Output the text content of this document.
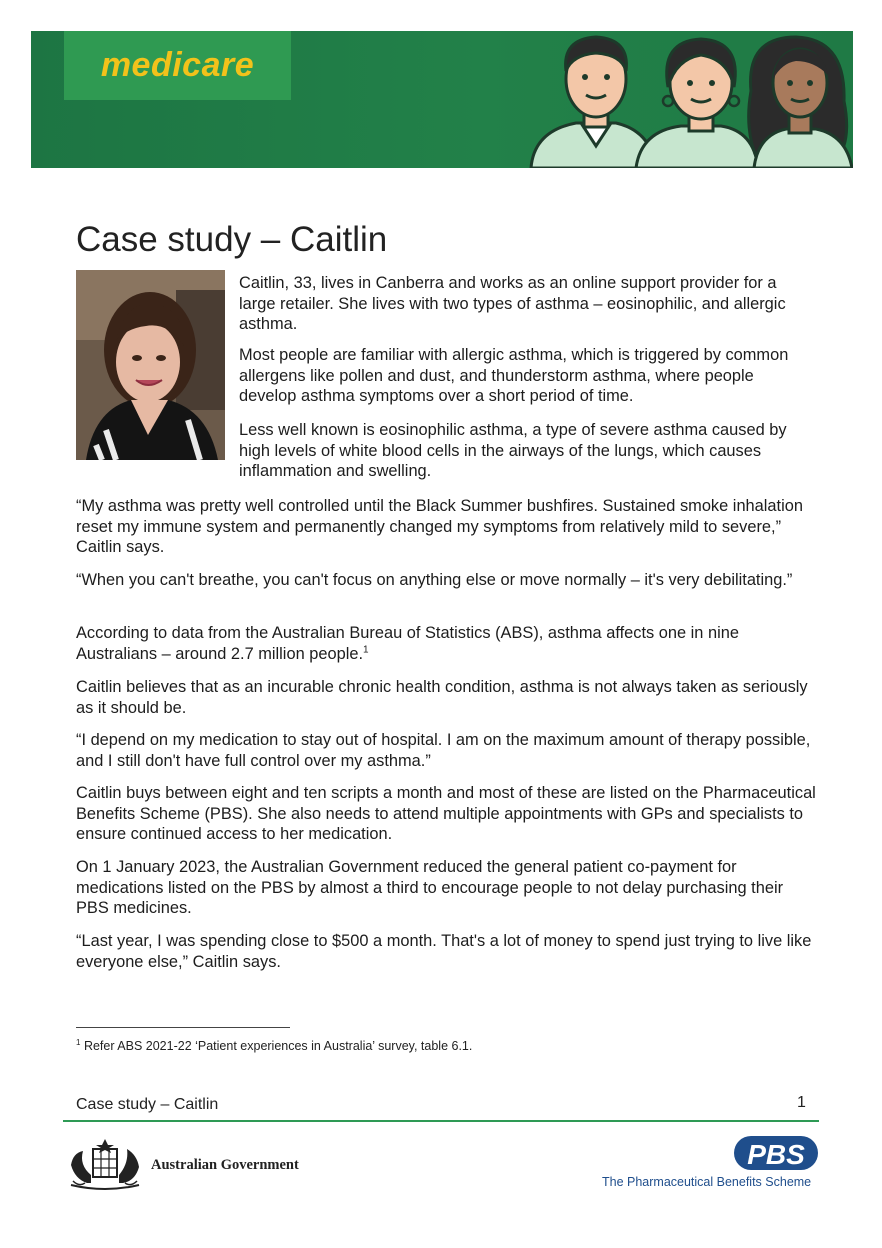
medicare
Case study – Caitlin

Caitlin, 33, lives in Canberra and works as an online support provider for a large retailer. She lives with two types of asthma – eosinophilic, and allergic asthma.

Most people are familiar with allergic asthma, which is triggered by common allergens like pollen and dust, and thunderstorm asthma, where people develop asthma symptoms over a short period of time.

Less well known is eosinophilic asthma, a type of severe asthma caused by high levels of white blood cells in the airways of the lungs, which causes inflammation and swelling.

“My asthma was pretty well controlled until the Black Summer bushfires. Sustained smoke inhalation reset my immune system and permanently changed my symptoms from relatively mild to severe,” Caitlin says.

“When you can't breathe, you can't focus on anything else or move normally – it's very debilitating.”

According to data from the Australian Bureau of Statistics (ABS), asthma affects one in nine Australians – around 2.7 million people.$^1$

Caitlin believes that as an incurable chronic health condition, asthma is not always taken as seriously as it should be.

“I depend on my medication to stay out of hospital. I am on the maximum amount of therapy possible, and I still don't have full control over my asthma.”

Caitlin buys between eight and ten scripts a month and most of these are listed on the Pharmaceutical Benefits Scheme (PBS). She also needs to attend multiple appointments with GPs and specialists to ensure continued access to her medication.

On 1 January 2023, the Australian Government reduced the general patient co-payment for medications listed on the PBS by almost a third to encourage people to not delay purchasing their PBS medicines.

“Last year, I was spending close to $500 a month. That's a lot of money to spend just trying to live like everyone else,” Caitlin says.

$^1$ Refer ABS 2021-22 ‘Patient experiences in Australia’ survey, table 6.1.

Case study – Caitlin	1
Australian Government	PBS
The Pharmaceutical Benefits Scheme
